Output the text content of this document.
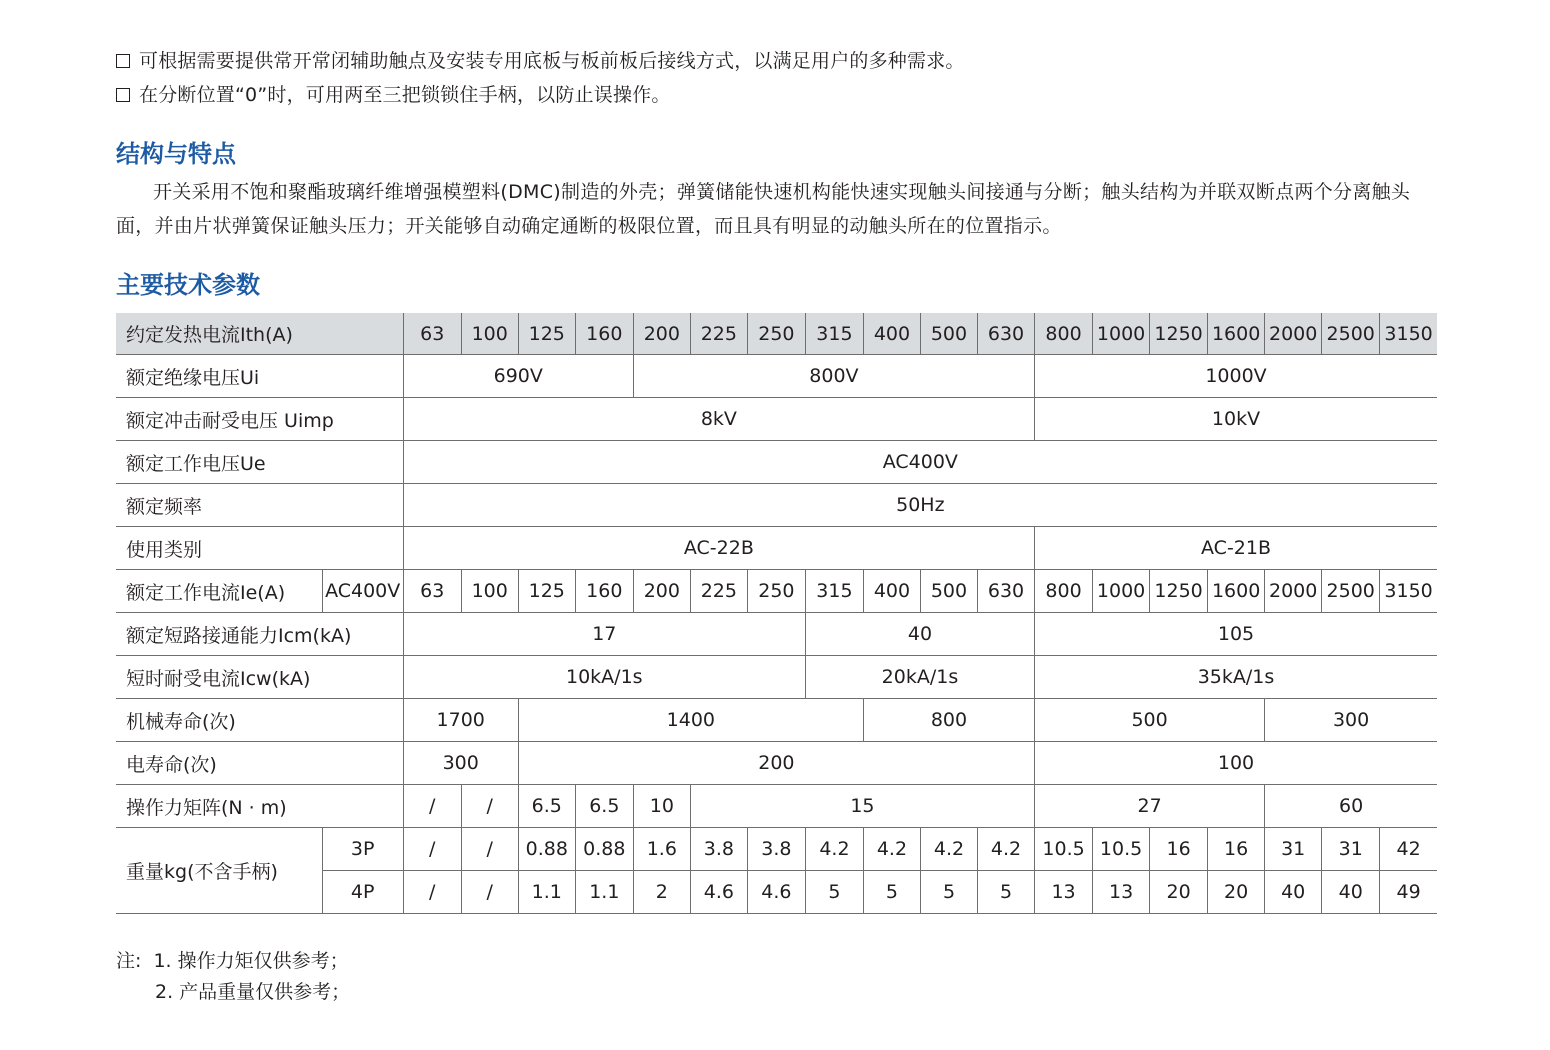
可根据需要提供常开常闭辅助触点及安装专用底板与板前板后接线方式，以满足用户的多种需求。
在分断位置“0”时，可用两至三把锁锁住手柄，以防止误操作。
结构与特点
开关采用不饱和聚酯玻璃纤维增强模塑料(DMC)制造的外壳；弹簧储能快速机构能快速实现触头间接通与分断；触头结构为并联双断点两个分离触头面，并由片状弹簧保证触头压力；开关能够自动确定通断的极限位置，而且具有明显的动触头所在的位置指示。
主要技术参数
约定发热电流Ith(A)		63	100	125	160	200	225	250	315	400	500	630	800	1000	1250	1600	2000	2500	3150
额定绝缘电压Ui		690V				800V							1000V						
额定冲击耐受电压 Uimp		8kV											10kV						
额定工作电压Ue		AC400V																	
额定频率		50Hz																	
使用类别		AC-22B											AC-21B						
额定工作电流Ie(A)	AC400V	63	100	125	160	200	225	250	315	400	500	630	800	1000	1250	1600	2000	2500	3150
额定短路接通能力Icm(kA)		17							40				105						
短时耐受电流Icw(kA)		10kA/1s							20kA/1s				35kA/1s						
机械寿命(次)		1700		1400						800			500				300		
电寿命(次)		300		200									100						
操作力矩阵(N · m)		/	/	6.5	6.5	10	15						27				60		
重量kg(不含手柄)	3P	/	/	0.88	0.88	1.6	3.8	3.8	4.2	4.2	4.2	4.2	10.5	10.5	16	16	31	31	42
	4P	/	/	1.1	1.1	2	4.6	4.6	5	5	5	5	13	13	20	20	40	40	49
注: 1. 操作力矩仅供参考；
2. 产品重量仅供参考；
